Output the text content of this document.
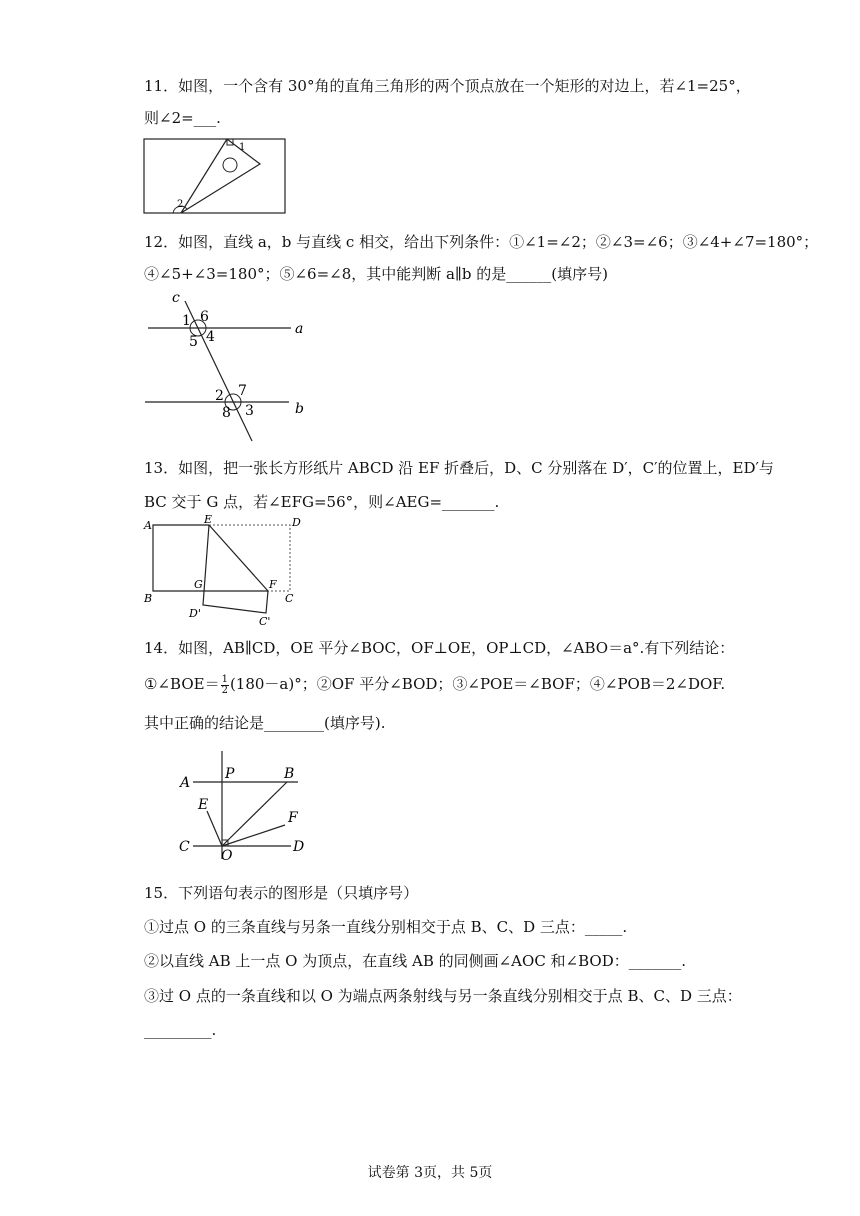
11．如图，一个含有 30°角的直角三角形的两个顶点放在一个矩形的对边上，若∠1=25°，
则∠2=___.
1
2
12．如图，直线 a，b 与直线 c 相交，给出下列条件：①∠1=∠2；②∠3=∠6；③∠4+∠7=180°；
④∠5+∠3=180°；⑤∠6=∠8，其中能判断 a∥b 的是______(填序号)
c
1 6
5 4	a
2 7
8 3	b
13．如图，把一张长方形纸片 ABCD 沿 EF 折叠后，D、C 分别落在 D′，C′的位置上，ED′与
BC 交于 G 点，若∠EFG=56°，则∠AEG=_______.
A	E	D
G	F
B
D'
C
C'
14．如图，AB∥CD，OE 平分∠BOC，OF⊥OE，OP⊥CD，∠ABO＝a°.有下列结论：
①∠BOE＝ $\frac{1}{2} (180-a)^\circ$；②OF 平分∠BOD；③∠POE＝∠BOF；④∠POB＝2∠DOF.
其中正确的结论是________(填序号).
A
P	B
E
F
C
O
D
15．下列语句表示的图形是（只填序号）
①过点 O 的三条直线与另条一直线分别相交于点 B、C、D 三点：_____.
②以直线 AB 上一点 O 为顶点，在直线 AB 的同侧画∠AOC 和∠BOD：_______.
③过 O 点的一条直线和以 O 为端点两条射线与另一条直线分别相交于点 B、C、D 三点：
_________.
试卷第 3页，共 5页
